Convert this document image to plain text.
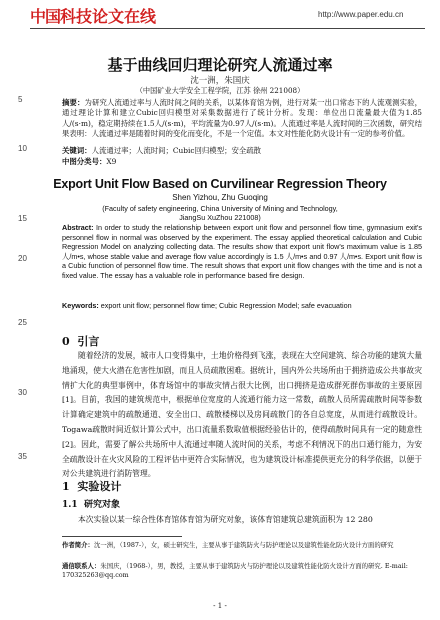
中国 科技论文在线	http://www.paper.edu.cn
5
10
15
20
25
30
35
基于曲线回归理论研究人流通过率
沈一洲，朱国庆
（中国矿业大学安全工程学院，江苏 徐州 221008）
摘要：为研究人流通过率与人流时间之间的关系，以某体育馆为例，进行对某一出口常态下的人流观测实验，通过理论计算和建立Cubic回归模型对采集数据进行了统计分析。发现：单位出口流量最大值为1.85人/(s·m)，稳定期持续在1.5人/(s·m)，平均流量为0.97人/(s·m)。人流通过率是人流时间的三次函数，研究结果表明：人流通过率是随着时间的变化而变化，不是一个定值。本文对性能化防火设计有一定的参考价值。
关键词：人流通过率；人流时间；Cubic回归模型；安全疏散
中图分类号：X9
Export Unit Flow Based on Curvilinear Regression Theory
Shen Yizhou, Zhu Guoqing
(Faculty of safety engineering, China University of Mining and Technology,
JiangSu XuZhou 221008)
Abstract: In order to study the relationship between export unit flow and personnel flow time, gymnasium exit's personnel flow in normal was observed by the experiment. The essay applied theoretical calculation and Cubic Regression Model on analyzing collecting data. The results show that export unit flow's maximum value is 1.85 人/m•s, whose stable value and average flow value accordingly is 1.5 人/m•s and 0.97 人/m•s. Export unit flow is a Cubic function of personnel flow time. The result shows that export unit flow changes with the time and is not a fixed value. The essay has a valuable role in performance based fire design.
Keywords: export unit flow; personnel flow time; Cubic Regression Model; safe evacuation
0 引言
随着经济的发展，城市人口变得集中，土地价格得到飞涨，表现在大空间建筑、综合功能的建筑大量地涌现，使大火潜在危害性加剧，而且人员疏散困难。据统计，国内外公共场所由于拥挤造成公共事故灾情扩大化的典型事例中，体育场馆中的事故灾情占很大比例，出口拥挤是造成群死群伤事故的主要原因[1]。目前，我国的建筑规范中，根据单位宽度的人流通行能力这一常数，疏散人员所需疏散时间等参数计算确定建筑中的疏散通道、安全出口、疏散楼梯以及房间疏散门的各自总宽度，从而进行疏散设计。Togawa疏散时间近似计算公式中，出口流量系数取值根据经验估计的，使得疏散时间具有一定的随意性[2]。因此，需要了解公共场所中人流通过率随人流时间的关系，考虑不利情况下的出口通行能力，为安全疏散设计在火灾风险的工程评估中更符合实际情况，也为建筑设计标准提供更充分的科学依据，以便于对公共建筑进行消防管理。
1 实验设计
1.1 研究对象
本次实验以某一综合性体育馆体育馆为研究对象，该体育馆建筑总建筑面积为 12 280
作者简介：沈一洲，（1987-），女，硕士研究生，主要从事于建筑防火与防护理论以及建筑性能化防火设计方面的研究
通信联系人：朱国庆，（1968-），男，教授，主要从事于建筑防火与防护理论以及建筑性能化防火设计方面的研究. E-mail: 170325263@qq.com
- 1 -
